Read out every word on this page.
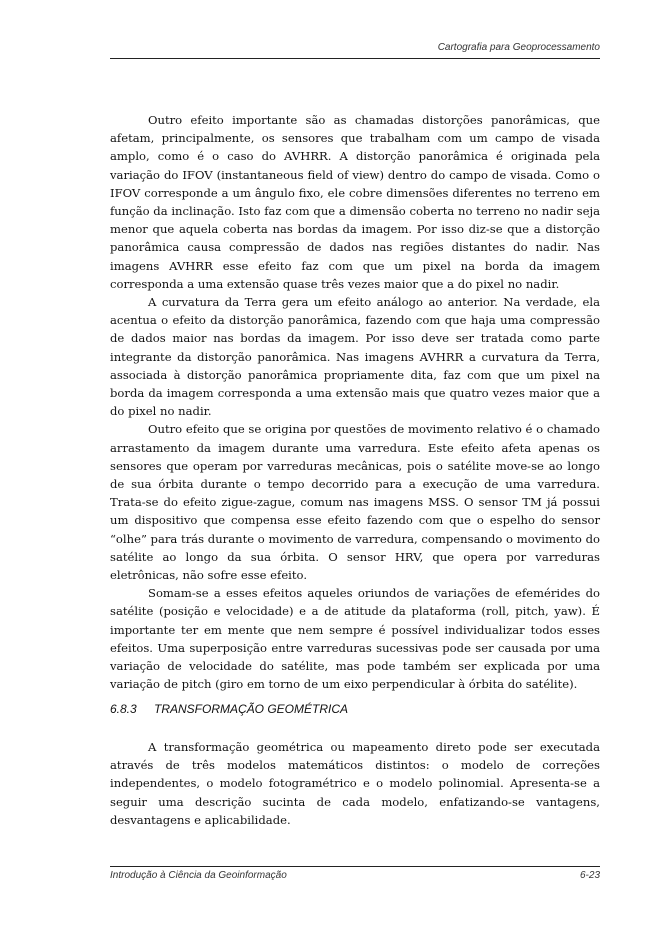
Cartografia para Geoprocessamento

Outro efeito importante são as chamadas distorções panorâmicas, que afetam, principalmente, os sensores que trabalham com um campo de visada amplo, como é o caso do AVHRR. A distorção panorâmica é originada pela variação do IFOV (instantaneous field of view) dentro do campo de visada. Como o IFOV corresponde a um ângulo fixo, ele cobre dimensões diferentes no terreno em função da inclinação. Isto faz com que a dimensão coberta no terreno no nadir seja menor que aquela coberta nas bordas da imagem. Por isso diz-se que a distorção panorâmica causa compressão de dados nas regiões distantes do nadir. Nas imagens AVHRR esse efeito faz com que um pixel na borda da imagem corresponda a uma extensão quase três vezes maior que a do pixel no nadir.

A curvatura da Terra gera um efeito análogo ao anterior. Na verdade, ela acentua o efeito da distorção panorâmica, fazendo com que haja uma compressão de dados maior nas bordas da imagem. Por isso deve ser tratada como parte integrante da distorção panorâmica. Nas imagens AVHRR a curvatura da Terra, associada à distorção panorâmica propriamente dita, faz com que um pixel na borda da imagem corresponda a uma extensão mais que quatro vezes maior que a do pixel no nadir.

Outro efeito que se origina por questões de movimento relativo é o chamado arrastamento da imagem durante uma varredura. Este efeito afeta apenas os sensores que operam por varreduras mecânicas, pois o satélite move-se ao longo de sua órbita durante o tempo decorrido para a execução de uma varredura. Trata-se do efeito zigue-zague, comum nas imagens MSS. O sensor TM já possui um dispositivo que compensa esse efeito fazendo com que o espelho do sensor “olhe” para trás durante o movimento de varredura, compensando o movimento do satélite ao longo da sua órbita. O sensor HRV, que opera por varreduras eletrônicas, não sofre esse efeito.

Somam-se a esses efeitos aqueles oriundos de variações de efemérides do satélite (posição e velocidade) e a de atitude da plataforma (roll, pitch, yaw). É importante ter em mente que nem sempre é possível individualizar todos esses efeitos. Uma superposição entre varreduras sucessivas pode ser causada por uma variação de velocidade do satélite, mas pode também ser explicada por uma variação de pitch (giro em torno de um eixo perpendicular à órbita do satélite).

6.8.3 TRANSFORMAÇÃO GEOMÉTRICA

A transformação geométrica ou mapeamento direto pode ser executada através de três modelos matemáticos distintos: o modelo de correções independentes, o modelo fotogramétrico e o modelo polinomial. Apresenta-se a seguir uma descrição sucinta de cada modelo, enfatizando-se vantagens, desvantagens e aplicabilidade.

Introdução à Ciência da Geoinformação	6-23
